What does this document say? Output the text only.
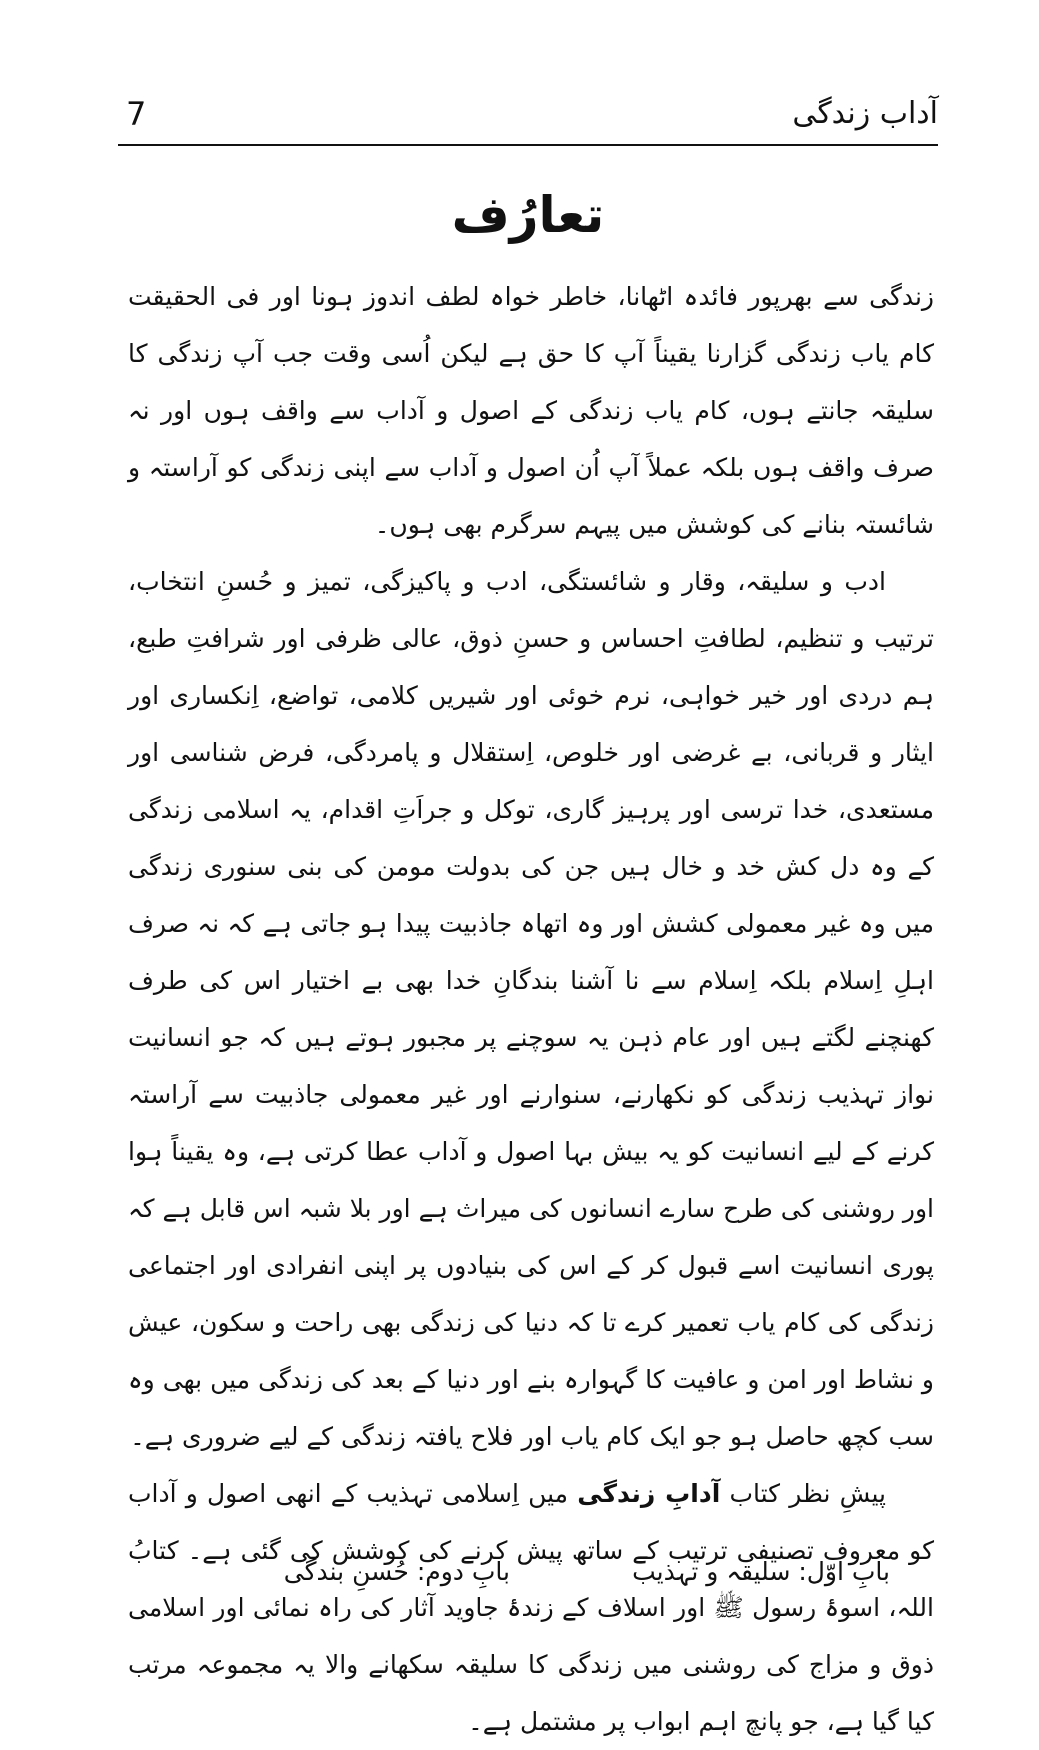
آداب زندگی
7
تعارُف

زندگی سے بھرپور فائدہ اٹھانا، خاطر خواہ لطف اندوز ہونا اور فی الحقیقت کام یاب زندگی گزارنا یقیناً آپ کا حق ہے لیکن اُسی وقت جب آپ زندگی کا سلیقہ جانتے ہوں، کام یاب زندگی کے اصول و آداب سے واقف ہوں اور نہ صرف واقف ہوں بلکہ عملاً آپ اُن اصول و آداب سے اپنی زندگی کو آراستہ و شائستہ بنانے کی کوشش میں پیہم سرگرم بھی ہوں۔

ادب و سلیقہ، وقار و شائستگی، ادب و پاکیزگی، تمیز و حُسنِ انتخاب، ترتیب و تنظیم، لطافتِ احساس و حسنِ ذوق، عالی ظرفی اور شرافتِ طبع، ہم دردی اور خیر خواہی، نرم خوئی اور شیریں کلامی، تواضع، اِنکساری اور ایثار و قربانی، بے غرضی اور خلوص، اِستقلال و پامردگی، فرض شناسی اور مستعدی، خدا ترسی اور پرہیز گاری، توکل و جراَتِ اقدام، یہ اسلامی زندگی کے وہ دل کش خد و خال ہیں جن کی بدولت مومن کی بنی سنوری زندگی میں وہ غیر معمولی کشش اور وہ اتھاہ جاذبیت پیدا ہو جاتی ہے کہ نہ صرف اہلِ اِسلام بلکہ اِسلام سے نا آشنا بندگانِ خدا بھی بے اختیار اس کی طرف کھنچنے لگتے ہیں اور عام ذہن یہ سوچنے پر مجبور ہوتے ہیں کہ جو انسانیت نواز تہذیب زندگی کو نکھارنے، سنوارنے اور غیر معمولی جاذبیت سے آراستہ کرنے کے لیے انسانیت کو یہ بیش بہا اصول و آداب عطا کرتی ہے، وہ یقیناً ہوا اور روشنی کی طرح سارے انسانوں کی میراث ہے اور بلا شبہ اس قابل ہے کہ پوری انسانیت اسے قبول کر کے اس کی بنیادوں پر اپنی انفرادی اور اجتماعی زندگی کی کام یاب تعمیر کرے تا کہ دنیا کی زندگی بھی راحت و سکون، عیش و نشاط اور امن و عافیت کا گہوارہ بنے اور دنیا کے بعد کی زندگی میں بھی وہ سب کچھ حاصل ہو جو ایک کام یاب اور فلاح یافتہ زندگی کے لیے ضروری ہے۔

پیشِ نظر کتاب آدابِ زندگی میں اِسلامی تہذیب کے انھی اصول و آداب کو معروف تصنیفی ترتیب کے ساتھ پیش کرنے کی کوشش کی گئی ہے۔ کتابُ اللہ، اسوۂ رسول ﷺ اور اسلاف کے زندۂ جاوید آثار کی راہ نمائی اور اسلامی ذوق و مزاج کی روشنی میں زندگی کا سلیقہ سکھانے والا یہ مجموعہ مرتب کیا گیا ہے، جو پانچ اہم ابواب پر مشتمل ہے۔

بابِ اوّل: سلیقہ و تہذیب
بابِ دوم: حُسنِ بندگی
